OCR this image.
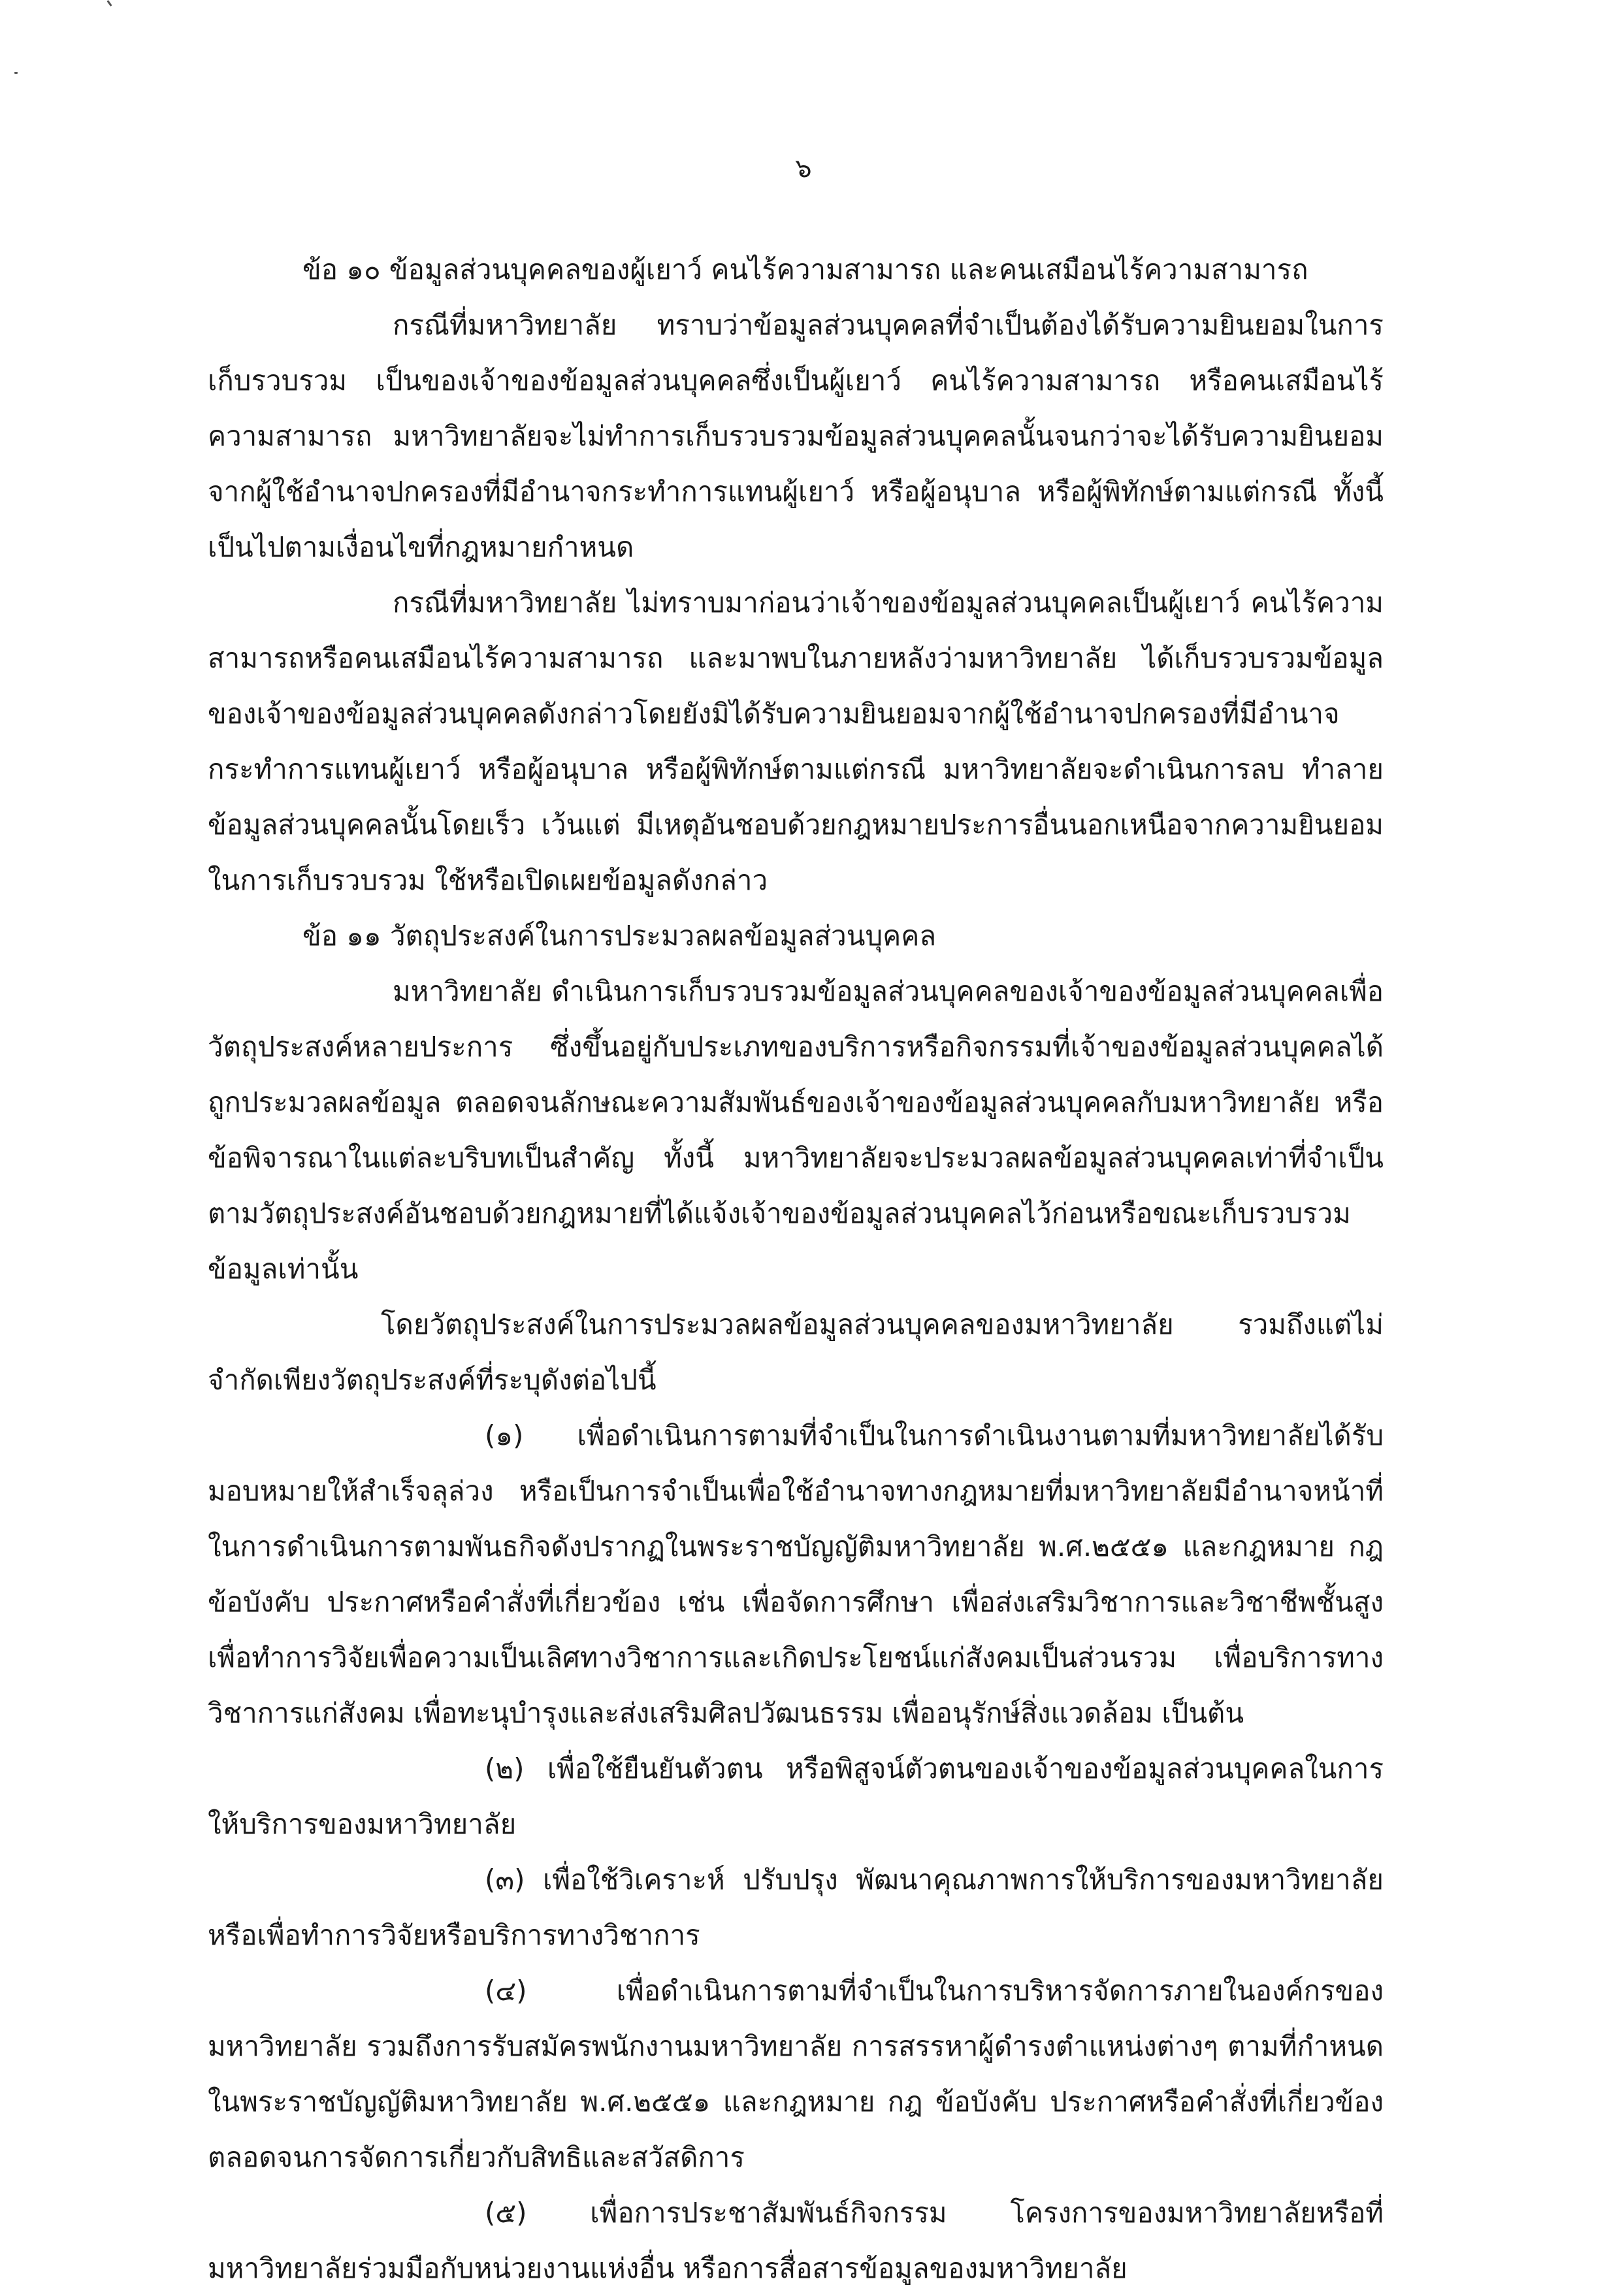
๖

ข้อ ๑๐ ข้อมูลส่วนบุคคลของผู้เยาว์ คนไร้ความสามารถ และคนเสมือนไร้ความสามารถ

กรณีที่มหาวิทยาลัย ทราบว่าข้อมูลส่วนบุคคลที่จำเป็นต้องได้รับความยินยอมในการเก็บรวบรวม เป็นของเจ้าของข้อมูลส่วนบุคคลซึ่งเป็นผู้เยาว์ คนไร้ความสามารถ หรือคนเสมือนไร้ความสามารถ มหาวิทยาลัยจะไม่ทำการเก็บรวบรวมข้อมูลส่วนบุคคลนั้นจนกว่าจะได้รับความยินยอมจากผู้ใช้อำนาจปกครองที่มีอำนาจกระทำการแทนผู้เยาว์ หรือผู้อนุบาล หรือผู้พิทักษ์ตามแต่กรณี ทั้งนี้ เป็นไปตามเงื่อนไขที่กฎหมายกำหนด

กรณีที่มหาวิทยาลัย ไม่ทราบมาก่อนว่าเจ้าของข้อมูลส่วนบุคคลเป็นผู้เยาว์ คนไร้ความสามารถหรือคนเสมือนไร้ความสามารถ และมาพบในภายหลังว่ามหาวิทยาลัย ได้เก็บรวบรวมข้อมูลของเจ้าของข้อมูลส่วนบุคคลดังกล่าวโดยยังมิได้รับความยินยอมจากผู้ใช้อำนาจปกครองที่มีอำนาจกระทำการแทนผู้เยาว์ หรือผู้อนุบาล หรือผู้พิทักษ์ตามแต่กรณี มหาวิทยาลัยจะดำเนินการลบ ทำลายข้อมูลส่วนบุคคลนั้นโดยเร็ว เว้นแต่ มีเหตุอันชอบด้วยกฎหมายประการอื่นนอกเหนือจากความยินยอมในการเก็บรวบรวม ใช้หรือเปิดเผยข้อมูลดังกล่าว

ข้อ ๑๑ วัตถุประสงค์ในการประมวลผลข้อมูลส่วนบุคคล

มหาวิทยาลัย ดำเนินการเก็บรวบรวมข้อมูลส่วนบุคคลของเจ้าของข้อมูลส่วนบุคคลเพื่อวัตถุประสงค์หลายประการ ซึ่งขึ้นอยู่กับประเภทของบริการหรือกิจกรรมที่เจ้าของข้อมูลส่วนบุคคลได้ถูกประมวลผลข้อมูล ตลอดจนลักษณะความสัมพันธ์ของเจ้าของข้อมูลส่วนบุคคลกับมหาวิทยาลัย หรือข้อพิจารณาในแต่ละบริบทเป็นสำคัญ ทั้งนี้ มหาวิทยาลัยจะประมวลผลข้อมูลส่วนบุคคลเท่าที่จำเป็นตามวัตถุประสงค์อันชอบด้วยกฎหมายที่ได้แจ้งเจ้าของข้อมูลส่วนบุคคลไว้ก่อนหรือขณะเก็บรวบรวมข้อมูลเท่านั้น

โดยวัตถุประสงค์ในการประมวลผลข้อมูลส่วนบุคคลของมหาวิทยาลัย รวมถึงแต่ไม่จำกัดเพียงวัตถุประสงค์ที่ระบุดังต่อไปนี้

(๑) เพื่อดำเนินการตามที่จำเป็นในการดำเนินงานตามที่มหาวิทยาลัยได้รับมอบหมายให้สำเร็จลุล่วง หรือเป็นการจำเป็นเพื่อใช้อำนาจทางกฎหมายที่มหาวิทยาลัยมีอำนาจหน้าที่ในการดำเนินการตามพันธกิจดังปรากฏในพระราชบัญญัติมหาวิทยาลัย พ.ศ.๒๕๕๑ และกฎหมาย กฎ ข้อบังคับ ประกาศหรือคำสั่งที่เกี่ยวข้อง เช่น เพื่อจัดการศึกษา เพื่อส่งเสริมวิชาการและวิชาชีพชั้นสูง เพื่อทำการวิจัยเพื่อความเป็นเลิศทางวิชาการและเกิดประโยชน์แก่สังคมเป็นส่วนรวม เพื่อบริการทางวิชาการแก่สังคม เพื่อทะนุบำรุงและส่งเสริมศิลปวัฒนธรรม เพื่ออนุรักษ์สิ่งแวดล้อม เป็นต้น

(๒) เพื่อใช้ยืนยันตัวตน หรือพิสูจน์ตัวตนของเจ้าของข้อมูลส่วนบุคคลในการให้บริการของมหาวิทยาลัย

(๓) เพื่อใช้วิเคราะห์ ปรับปรุง พัฒนาคุณภาพการให้บริการของมหาวิทยาลัย หรือเพื่อทำการวิจัยหรือบริการทางวิชาการ

(๔) เพื่อดำเนินการตามที่จำเป็นในการบริหารจัดการภายในองค์กรของมหาวิทยาลัย รวมถึงการรับสมัครพนักงานมหาวิทยาลัย การสรรหาผู้ดำรงตำแหน่งต่างๆ ตามที่กำหนดในพระราชบัญญัติมหาวิทยาลัย พ.ศ.๒๕๕๑ และกฎหมาย กฎ ข้อบังคับ ประกาศหรือคำสั่งที่เกี่ยวข้อง ตลอดจนการจัดการเกี่ยวกับสิทธิและสวัสดิการ

(๕) เพื่อการประชาสัมพันธ์กิจกรรม โครงการของมหาวิทยาลัยหรือที่มหาวิทยาลัยร่วมมือกับหน่วยงานแห่งอื่น หรือการสื่อสารข้อมูลของมหาวิทยาลัย
